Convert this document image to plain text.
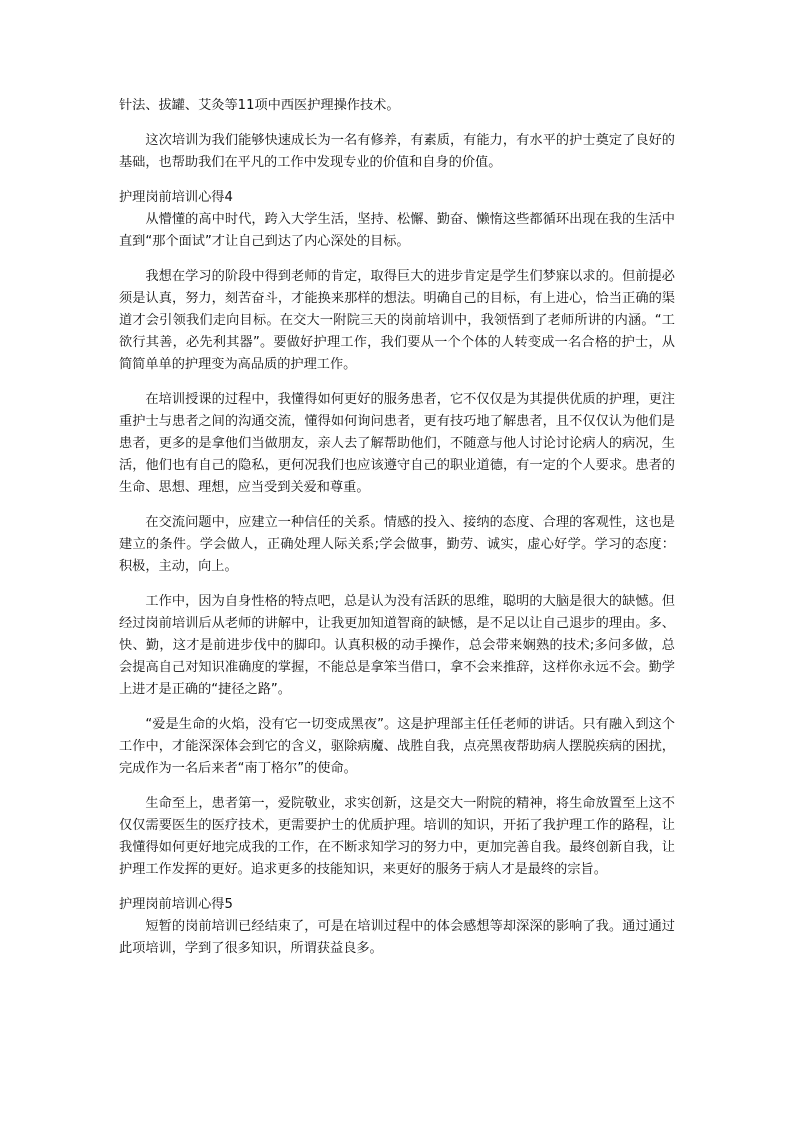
针法、拔罐、艾灸等11项中西医护理操作技术。

这次培训为我们能够快速成长为一名有修养，有素质，有能力，有水平的护士奠定了良好的基础，也帮助我们在平凡的工作中发现专业的价值和自身的价值。

护理岗前培训心得4

从懵懂的高中时代，跨入大学生活，坚持、松懈、勤奋、懒惰这些都循环出现在我的生活中直到“那个面试”才让自己到达了内心深处的目标。

我想在学习的阶段中得到老师的肯定，取得巨大的进步肯定是学生们梦寐以求的。但前提必须是认真，努力，刻苦奋斗，才能换来那样的想法。明确自己的目标，有上进心，恰当正确的渠道才会引领我们走向目标。在交大一附院三天的岗前培训中，我领悟到了老师所讲的内涵。“工欲行其善，必先利其器”。要做好护理工作，我们要从一个个体的人转变成一名合格的护士，从简简单单的护理变为高品质的护理工作。

在培训授课的过程中，我懂得如何更好的服务患者，它不仅仅是为其提供优质的护理，更注重护士与患者之间的沟通交流，懂得如何询问患者，更有技巧地了解患者，且不仅仅认为他们是患者，更多的是拿他们当做朋友，亲人去了解帮助他们，不随意与他人讨论讨论病人的病况，生活，他们也有自己的隐私，更何况我们也应该遵守自己的职业道德，有一定的个人要求。患者的生命、思想、理想，应当受到关爱和尊重。

在交流问题中，应建立一种信任的关系。情感的投入、接纳的态度、合理的客观性，这也是建立的条件。学会做人，正确处理人际关系;学会做事，勤劳、诚实，虚心好学。学习的态度：积极，主动，向上。

工作中，因为自身性格的特点吧，总是认为没有活跃的思维，聪明的大脑是很大的缺憾。但经过岗前培训后从老师的讲解中，让我更加知道智商的缺憾，是不足以让自己退步的理由。多、快、勤，这才是前进步伐中的脚印。认真积极的动手操作，总会带来娴熟的技术;多问多做，总会提高自己对知识准确度的掌握，不能总是拿笨当借口，拿不会来推辞，这样你永远不会。勤学上进才是正确的“捷径之路”。

“爱是生命的火焰，没有它一切变成黑夜”。这是护理部主任任老师的讲话。只有融入到这个工作中，才能深深体会到它的含义，驱除病魔、战胜自我，点亮黑夜帮助病人摆脱疾病的困扰，完成作为一名后来者“南丁格尔”的使命。

生命至上，患者第一，爱院敬业，求实创新，这是交大一附院的精神，将生命放置至上这不仅仅需要医生的医疗技术，更需要护士的优质护理。培训的知识，开拓了我护理工作的路程，让我懂得如何更好地完成我的工作，在不断求知学习的努力中，更加完善自我。最终创新自我，让护理工作发挥的更好。追求更多的技能知识，来更好的服务于病人才是最终的宗旨。

护理岗前培训心得5

短暂的岗前培训已经结束了，可是在培训过程中的体会感想等却深深的影响了我。通过通过此项培训，学到了很多知识，所谓获益良多。
